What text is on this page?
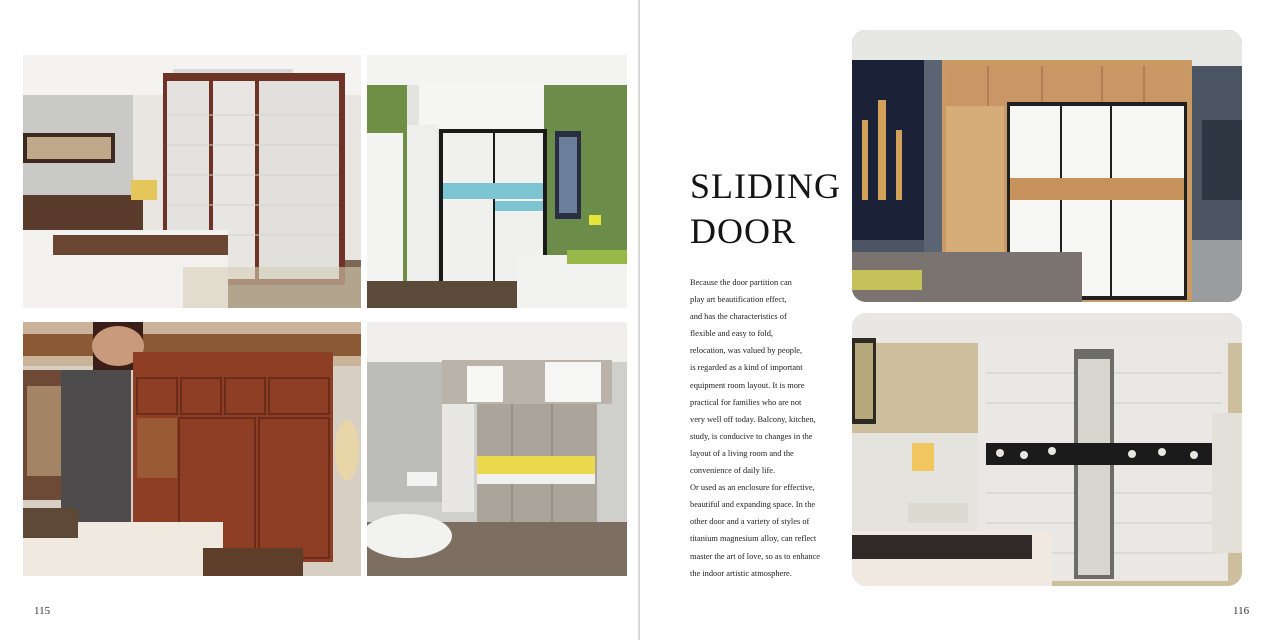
115
SLIDING
DOOR
Because the door partition can
play art beautification effect,
and has the characteristics of
flexible and easy to fold,
relocation, was valued by people,
is regarded as a kind of important
equipment room layout. It is more
practical for families who are not
very well off today. Balcony, kitchen,
study, is conducive to changes in the
layout of a living room and the
convenience of daily life.
Or used as an enclosure for effective,
beautiful and expanding space. In the
other door and a variety of styles of
titanium magnesium alloy, can reflect
master the art of love, so as to enhance
the indoor artistic atmosphere.
116
